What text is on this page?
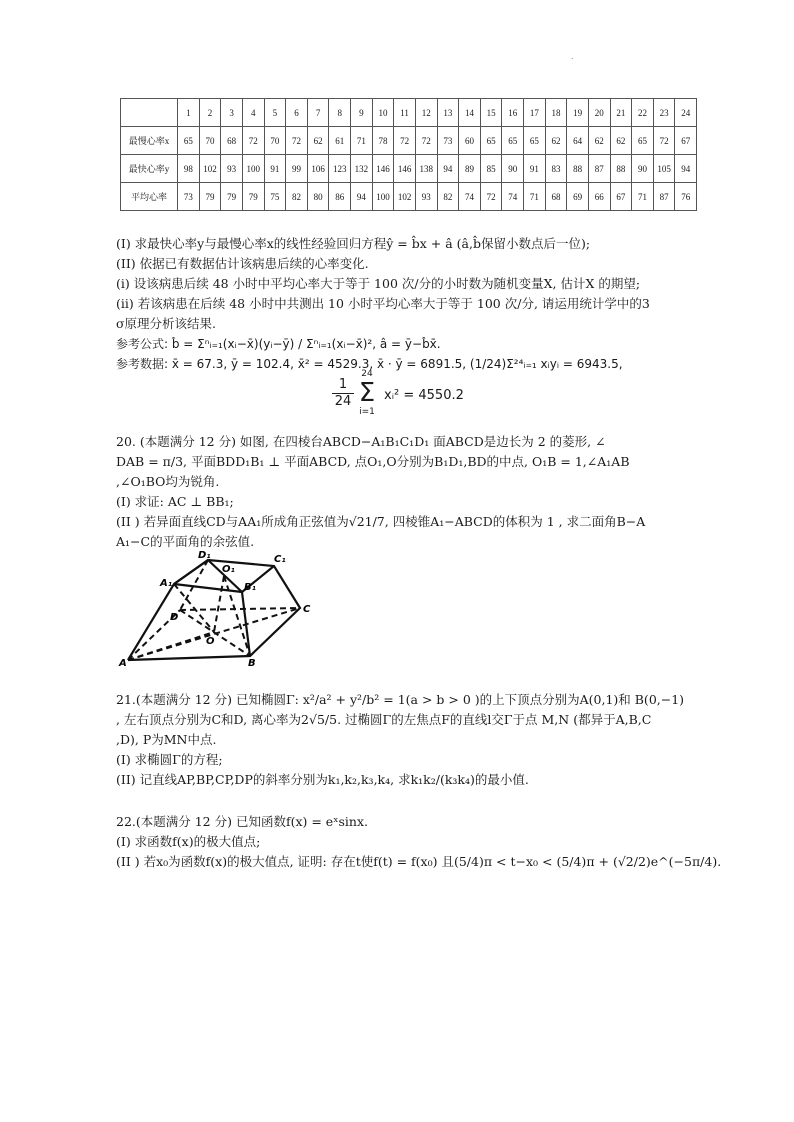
.
	1	2	3	4	5	6	7	8	9	10	11	12	13	14	15	16	17	18	19	20	21	22	23	24
最慢心率x	65	70	68	72	70	72	62	61	71	78	72	72	73	60	65	65	65	62	64	62	62	65	72	67
最快心率y	98	102	93	100	91	99	106	123	132	146	146	138	94	89	85	90	91	83	88	87	88	90	105	94
平均心率	73	79	79	79	75	82	80	86	94	100	102	93	82	74	72	74	71	68	69	66	67	71	87	76
(I) 求最快心率y与最慢心率x的线性经验回归方程ŷ = b̂x + â (â,b̂保留小数点后一位);
(II) 依据已有数据估计该病患后续的心率变化.
(i) 设该病患后续 48 小时中平均心率大于等于 100 次/分的小时数为随机变量X, 估计X 的期望;
(ii) 若该病患在后续 48 小时中共测出 10 小时平均心率大于等于 100 次/分, 请运用统计学中的3
σ原理分析该结果.
参考公式: b̂ = Σⁿᵢ₌₁(xᵢ−x̄)(yᵢ−ȳ) / Σⁿᵢ₌₁(xᵢ−x̄)², â = ȳ−b̂x̄.
参考数据: x̄ = 67.3, ȳ = 102.4, x̄² = 4529.3, x̄ · ȳ = 6891.5, (1/24)Σ²⁴ᵢ₌₁ xᵢyᵢ = 6943.5,
1
24
24
Σ
i=1
xᵢ² = 4550.2
20. (本题满分 12 分) 如图, 在四棱台ABCD−A₁B₁C₁D₁ 面ABCD是边长为 2 的菱形, ∠
DAB = π/3, 平面BDD₁B₁ ⊥ 平面ABCD, 点O₁,O分别为B₁D₁,BD的中点, O₁B = 1,∠A₁AB
,∠O₁BO均为锐角.
(I) 求证: AC ⊥ BB₁;
(II ) 若异面直线CD与AA₁所成角正弦值为√21/7, 四棱锥A₁−ABCD的体积为 1 , 求二面角B−A
A₁−C的平面角的余弦值.
A	B
C
D
O
A₁	B₁
C₁
D₁
O₁
21.(本题满分 12 分) 已知椭圆Γ: x²/a² + y²/b² = 1(a > b > 0 )的上下顶点分别为A(0,1)和 B(0,−1)
, 左右顶点分别为C和D, 离心率为2√5/5. 过椭圆Γ的左焦点F的直线l交Γ于点 M,N (都异于A,B,C
,D), P为MN中点.
(I) 求椭圆Γ的方程;
(II) 记直线AP,BP,CP,DP的斜率分别为k₁,k₂,k₃,k₄, 求k₁k₂/(k₃k₄)的最小值.
22.(本题满分 12 分) 已知函数f(x) = eˣsinx.
(I) 求函数f(x)的极大值点;
(II ) 若x₀为函数f(x)的极大值点, 证明: 存在t使f(t) = f(x₀) 且(5/4)π < t−x₀ < (5/4)π + (√2/2)e^(−5π/4).
